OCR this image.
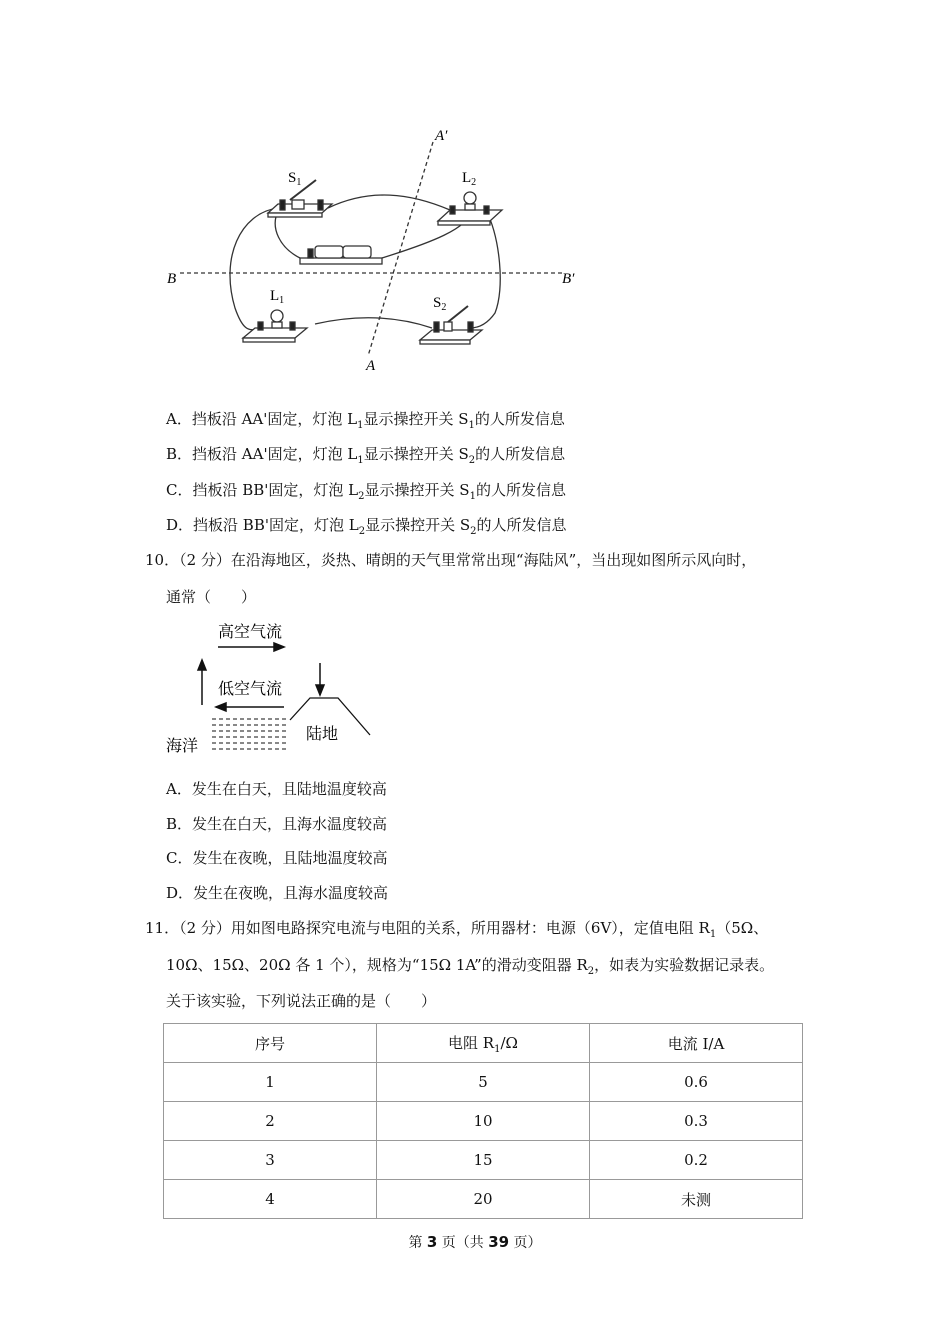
A′
A
B	B′
$S_1$	$L_2$
$L_1$	$S_2$
A．挡板沿 AA'固定，灯泡 $L_1$显示操控开关 $S_1$的人所发信息
B．挡板沿 AA'固定，灯泡 $L_1$显示操控开关 $S_2$的人所发信息
C．挡板沿 BB'固定，灯泡 $L_2$显示操控开关 $S_1$的人所发信息
D．挡板沿 BB'固定，灯泡 $L_2$显示操控开关 $S_2$的人所发信息
10．（2 分）在沿海地区，炎热、晴朗的天气里常常出现“海陆风”，当出现如图所示风向时，
通常（　　）
高空气流
低空气流
海洋
陆地
A．发生在白天，且陆地温度较高
B．发生在白天，且海水温度较高
C．发生在夜晚，且陆地温度较高
D．发生在夜晚，且海水温度较高
11．（2 分）用如图电路探究电流与电阻的关系，所用器材：电源（6V），定值电阻 $R_1(5\Omega$、
10Ω、15Ω、20Ω 各 1 个），规格为“15Ω 1A”的滑动变阻器 $R_2$，如表为实验数据记录表。
关于该实验，下列说法正确的是（　　）
序号	电阻 $R_1/\Omega$	电流 I/A
1	5	0.6
2	10	0.3
3	15	0.2
4	20	未测
第 3 页（共 39 页）
